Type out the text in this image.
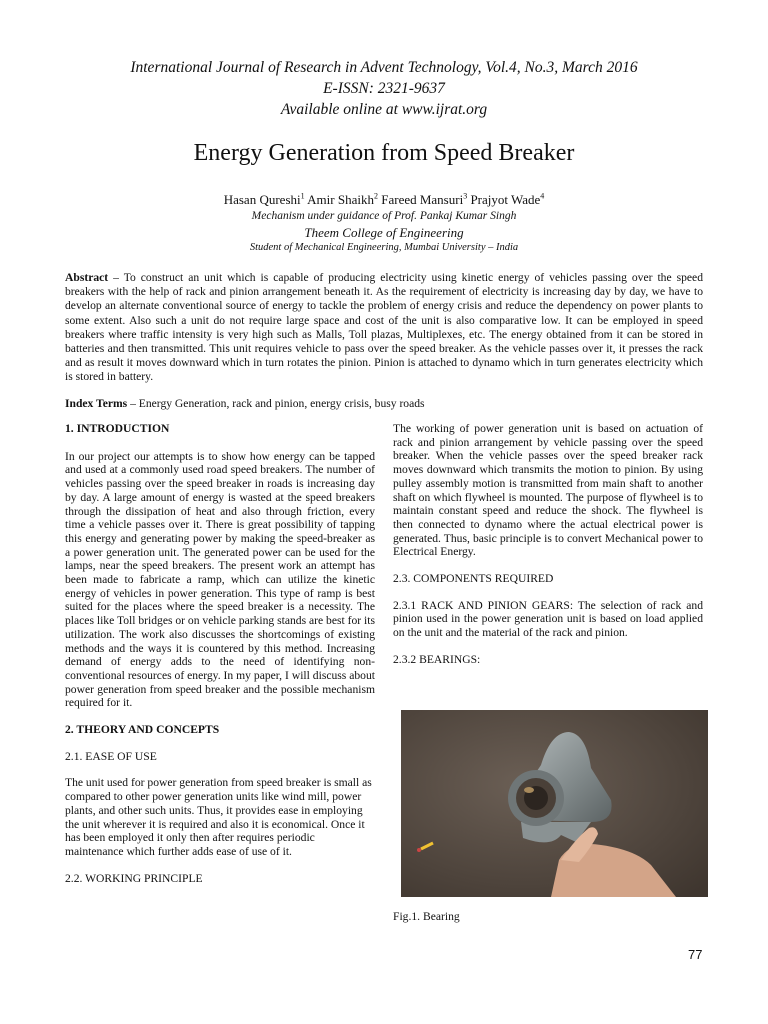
International Journal of Research in Advent Technology, Vol.4, No.3, March 2016
E-ISSN: 2321-9637
Available online at www.ijrat.org
Energy Generation from Speed Breaker
Hasan Qureshi$^1$ Amir Shaikh$^2$ Fareed Mansuri$^3$ Prajyot Wade$^4$
Mechanism under guidance of Prof. Pankaj Kumar Singh
Theem College of Engineering
Student of Mechanical Engineering, Mumbai University – India
Abstract – To construct an unit which is capable of producing electricity using kinetic energy of vehicles passing over the speed breakers with the help of rack and pinion arrangement beneath it. As the requirement of electricity is increasing day by day, we have to develop an alternate conventional source of energy to tackle the problem of energy crisis and reduce the dependency on power plants to some extent. Also such a unit do not require large space and cost of the unit is also comparative low. It can be employed in speed breakers where traffic intensity is very high such as Malls, Toll plazas, Multiplexes, etc. The energy obtained from it can be stored in batteries and then transmitted. This unit requires vehicle to pass over the speed breaker. As the vehicle passes over it, it presses the rack and as result it moves downward which in turn rotates the pinion. Pinion is attached to dynamo which in turn generates electricity which is stored in battery.
Index Terms – Energy Generation, rack and pinion, energy crisis, busy roads

1. INTRODUCTION

In our project our attempts is to show how energy can be tapped and used at a commonly used road speed breakers. The number of vehicles passing over the speed breaker in roads is increasing day by day. A large amount of energy is wasted at the speed breakers through the dissipation of heat and also through friction, every time a vehicle passes over it. There is great possibility of tapping this energy and generating power by making the speed-breaker as a power generation unit. The generated power can be used for the lamps, near the speed breakers. The present work an attempt has been made to fabricate a ramp, which can utilize the kinetic energy of vehicles in power generation. This type of ramp is best suited for the places where the speed breaker is a necessity. The places like Toll bridges or on vehicle parking stands are best for its utilization. The work also discusses the shortcomings of existing methods and the ways it is countered by this method. Increasing demand of energy adds to the need of identifying non-conventional resources of energy. In my paper, I will discuss about power generation from speed breaker and the possible mechanism required for it.

2. THEORY AND CONCEPTS

2.1. EASE OF USE

The unit used for power generation from speed breaker is small as compared to other power generation units like wind mill, power plants, and other such units. Thus, it provides ease in employing the unit wherever it is required and also it is economical. Once it has been employed it only then after requires periodic maintenance which further adds ease of use of it.

2.2. WORKING PRINCIPLE

The working of power generation unit is based on actuation of rack and pinion arrangement by vehicle passing over the speed breaker. When the vehicle passes over the speed breaker rack moves downward which transmits the motion to pinion. By using pulley assembly motion is transmitted from main shaft to another shaft on which flywheel is mounted. The purpose of flywheel is to maintain constant speed and reduce the shock. The flywheel is then connected to dynamo where the actual electrical power is generated. Thus, basic principle is to convert Mechanical power to Electrical Energy.

2.3. COMPONENTS REQUIRED

2.3.1 RACK AND PINION GEARS: The selection of rack and pinion used in the power generation unit is based on load applied on the unit and the material of the rack and pinion.

2.3.2 BEARINGS:

Fig.1. Bearing
77
